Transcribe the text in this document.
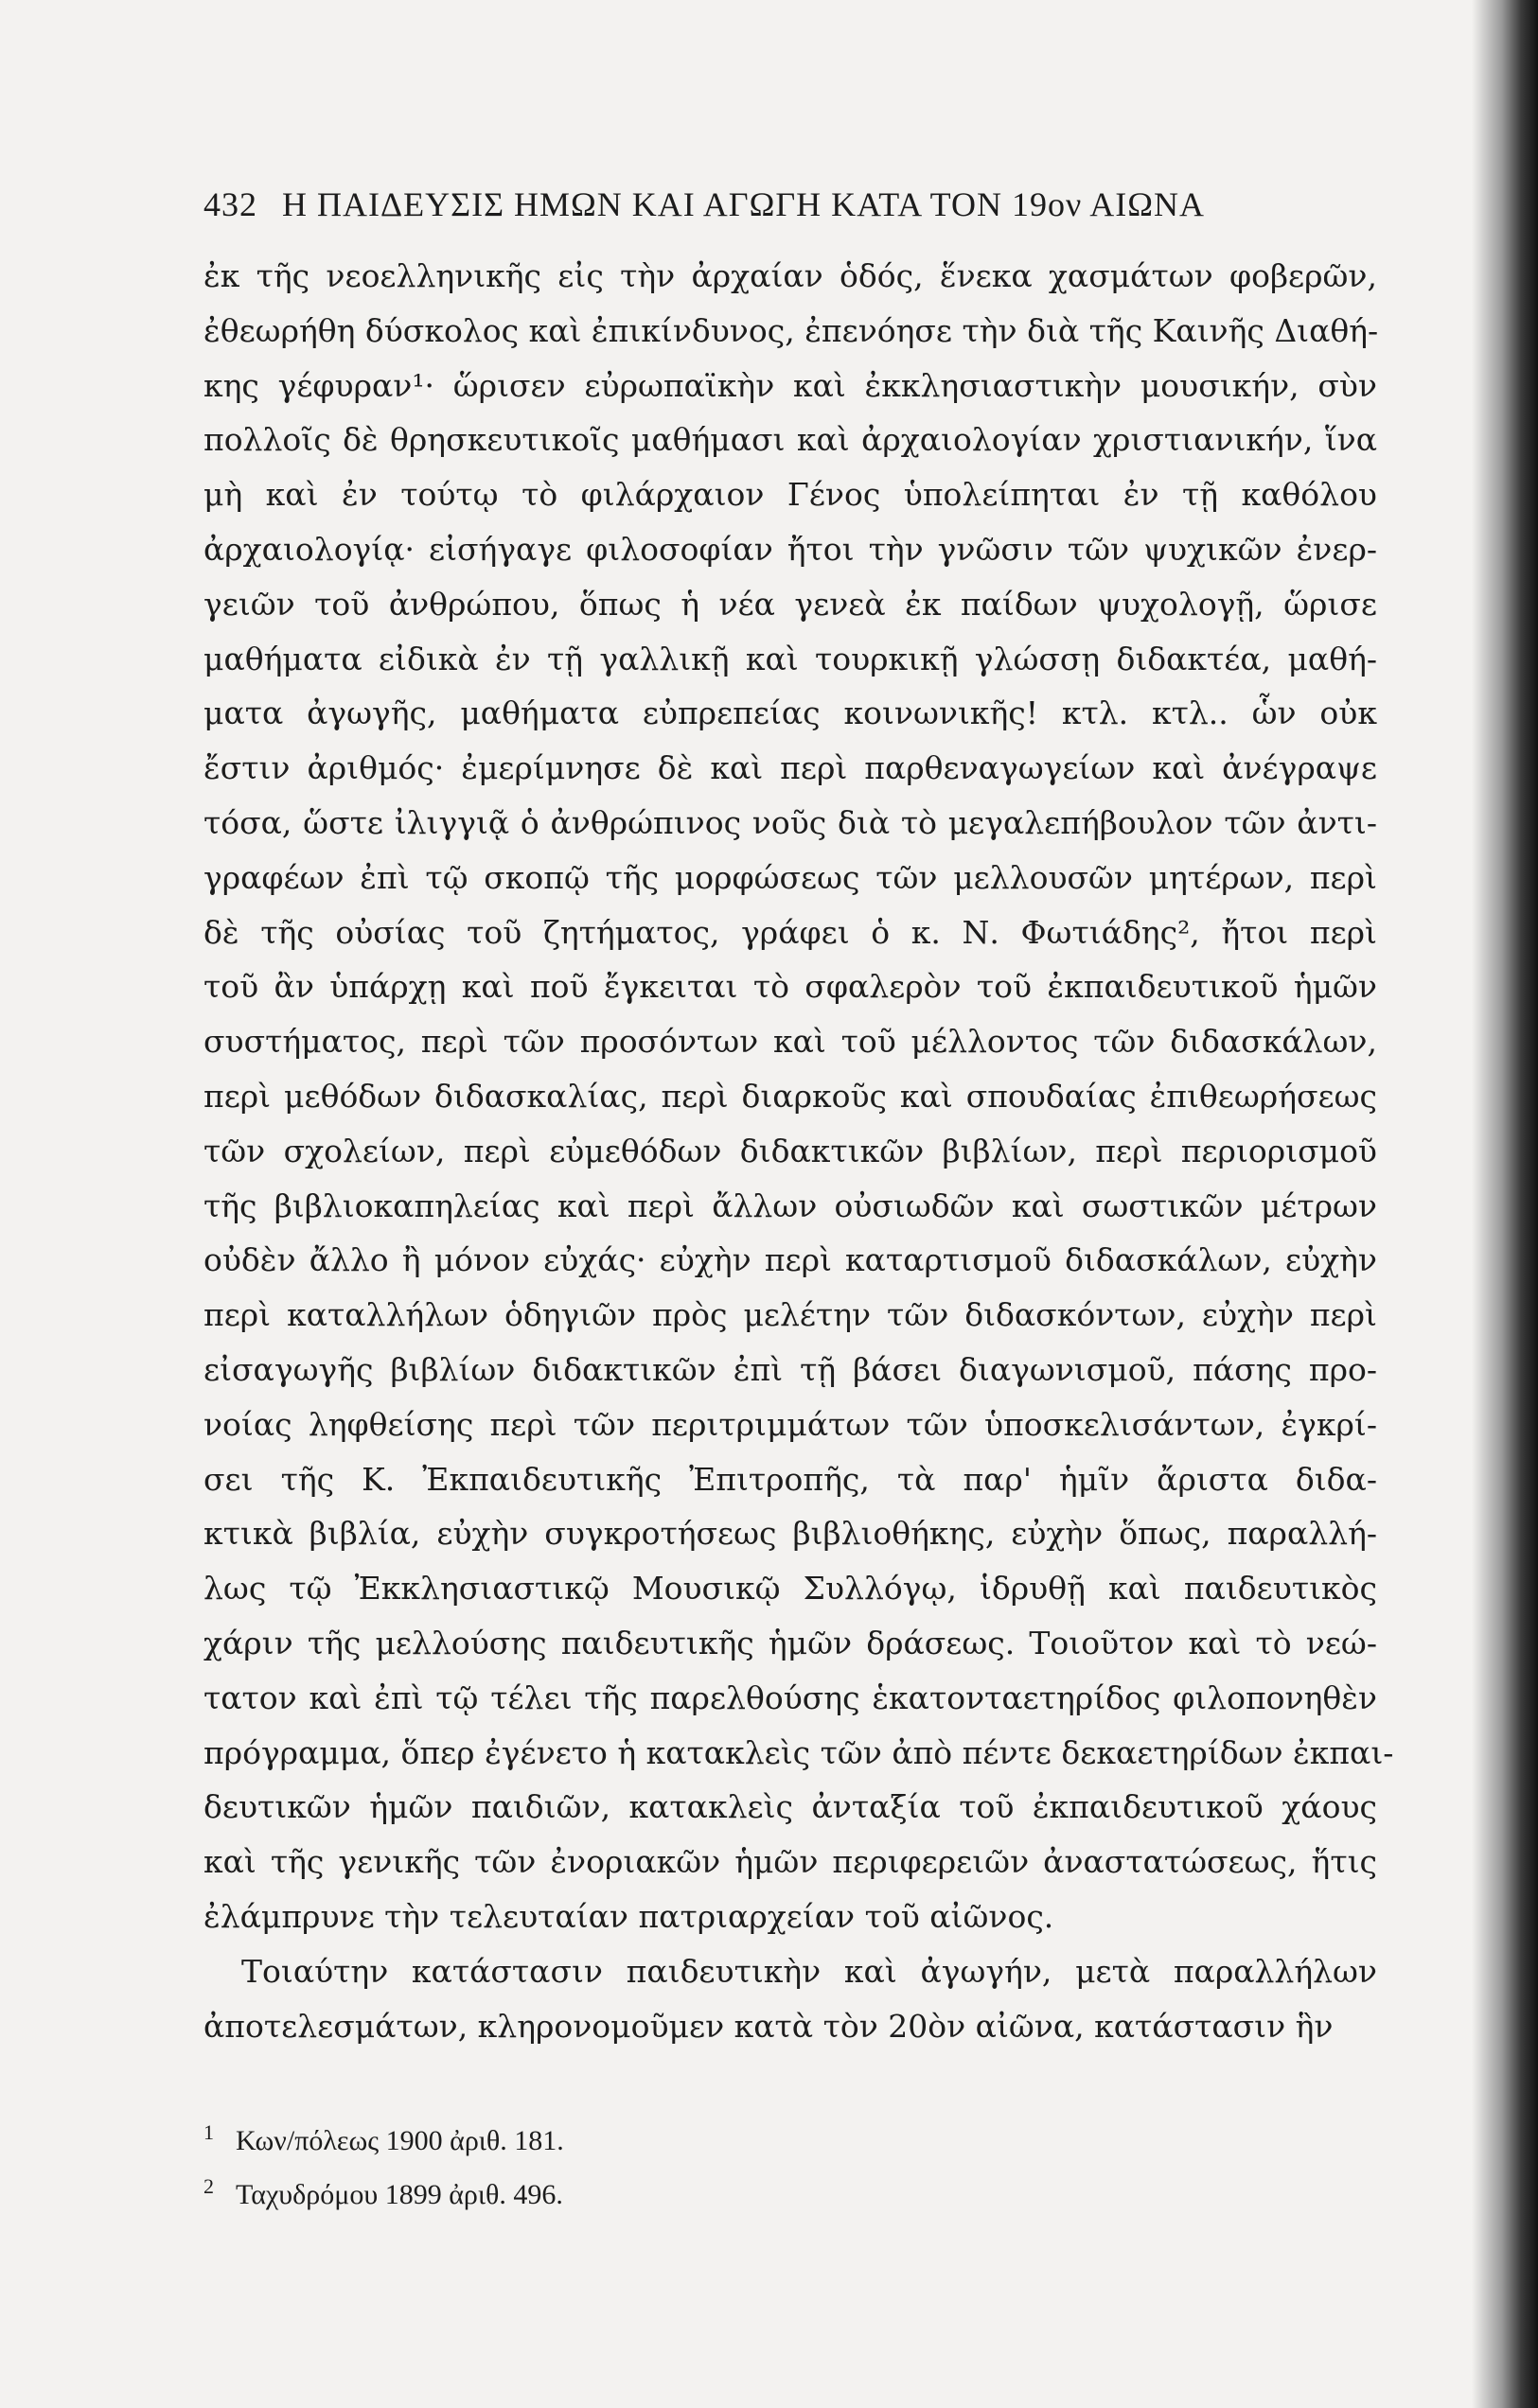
432 Η ΠΑΙΔΕΥΣΙΣ ΗΜΩΝ ΚΑΙ ΑΓΩΓΗ ΚΑΤΑ ΤΟΝ 19ον ΑΙΩΝΑ
ἐκ τῆς νεοελληνικῆς εἰς τὴν ἀρχαίαν ὁδός, ἕνεκα χασμάτων φοβερῶν,
ἐθεωρήθη δύσκολος καὶ ἐπικίνδυνος, ἐπενόησε τὴν διὰ τῆς Καινῆς Διαθή-
κης γέφυραν¹· ὥρισεν εὐρωπαϊκὴν καὶ ἐκκλησιαστικὴν μουσικήν, σὺν
πολλοῖς δὲ θρησκευτικοῖς μαθήμασι καὶ ἀρχαιολογίαν χριστιανικήν, ἵνα
μὴ καὶ ἐν τούτῳ τὸ φιλάρχαιον Γένος ὑπολείπηται ἐν τῇ καθόλου
ἀρχαιολογίᾳ· εἰσήγαγε φιλοσοφίαν ἤτοι τὴν γνῶσιν τῶν ψυχικῶν ἐνερ-
γειῶν τοῦ ἀνθρώπου, ὅπως ἡ νέα γενεὰ ἐκ παίδων ψυχολογῇ, ὥρισε
μαθήματα εἰδικὰ ἐν τῇ γαλλικῇ καὶ τουρκικῇ γλώσσῃ διδακτέα, μαθή-
ματα ἀγωγῆς, μαθήματα εὐπρεπείας κοινωνικῆς! κτλ. κτλ.. ὧν οὐκ
ἔστιν ἀριθμός· ἐμερίμνησε δὲ καὶ περὶ παρθεναγωγείων καὶ ἀνέγραψε
τόσα, ὥστε ἰλιγγιᾷ ὁ ἀνθρώπινος νοῦς διὰ τὸ μεγαλεπήβουλον τῶν ἀντι-
γραφέων ἐπὶ τῷ σκοπῷ τῆς μορφώσεως τῶν μελλουσῶν μητέρων, περὶ
δὲ τῆς οὐσίας τοῦ ζητήματος, γράφει ὁ κ. Ν. Φωτιάδης², ἤτοι περὶ
τοῦ ἂν ὑπάρχῃ καὶ ποῦ ἔγκειται τὸ σφαλερὸν τοῦ ἐκπαιδευτικοῦ ἡμῶν
συστήματος, περὶ τῶν προσόντων καὶ τοῦ μέλλοντος τῶν διδασκάλων,
περὶ μεθόδων διδασκαλίας, περὶ διαρκοῦς καὶ σπουδαίας ἐπιθεωρήσεως
τῶν σχολείων, περὶ εὐμεθόδων διδακτικῶν βιβλίων, περὶ περιορισμοῦ
τῆς βιβλιοκαπηλείας καὶ περὶ ἄλλων οὐσιωδῶν καὶ σωστικῶν μέτρων
οὐδὲν ἄλλο ἢ μόνον εὐχάς· εὐχὴν περὶ καταρτισμοῦ διδασκάλων, εὐχὴν
περὶ καταλλήλων ὁδηγιῶν πρὸς μελέτην τῶν διδασκόντων, εὐχὴν περὶ
εἰσαγωγῆς βιβλίων διδακτικῶν ἐπὶ τῇ βάσει διαγωνισμοῦ, πάσης προ-
νοίας ληφθείσης περὶ τῶν περιτριμμάτων τῶν ὑποσκελισάντων, ἐγκρί-
σει τῆς Κ. Ἐκπαιδευτικῆς Ἐπιτροπῆς, τὰ παρ' ἡμῖν ἄριστα διδα-
κτικὰ βιβλία, εὐχὴν συγκροτήσεως βιβλιοθήκης, εὐχὴν ὅπως, παραλλή-
λως τῷ Ἐκκλησιαστικῷ Μουσικῷ Συλλόγῳ, ἱδρυθῇ καὶ παιδευτικὸς
χάριν τῆς μελλούσης παιδευτικῆς ἡμῶν δράσεως. Τοιοῦτον καὶ τὸ νεώ-
τατον καὶ ἐπὶ τῷ τέλει τῆς παρελθούσης ἑκατονταετηρίδος φιλοπονηθὲν
πρόγραμμα, ὅπερ ἐγένετο ἡ κατακλεὶς τῶν ἀπὸ πέντε δεκαετηρίδων ἐκπαι-
δευτικῶν ἡμῶν παιδιῶν, κατακλεὶς ἀνταξία τοῦ ἐκπαιδευτικοῦ χάους
καὶ τῆς γενικῆς τῶν ἐνοριακῶν ἡμῶν περιφερειῶν ἀναστατώσεως, ἥτις
ἐλάμπρυνε τὴν τελευταίαν πατριαρχείαν τοῦ αἰῶνος.
Τοιαύτην κατάστασιν παιδευτικὴν καὶ ἀγωγήν, μετὰ παραλλήλων
ἀποτελεσμάτων, κληρονομοῦμεν κατὰ τὸν 20ὸν αἰῶνα, κατάστασιν ἣν
1 Κων/πόλεως 1900 ἀριθ. 181.
2 Ταχυδρόμου 1899 ἀριθ. 496.
